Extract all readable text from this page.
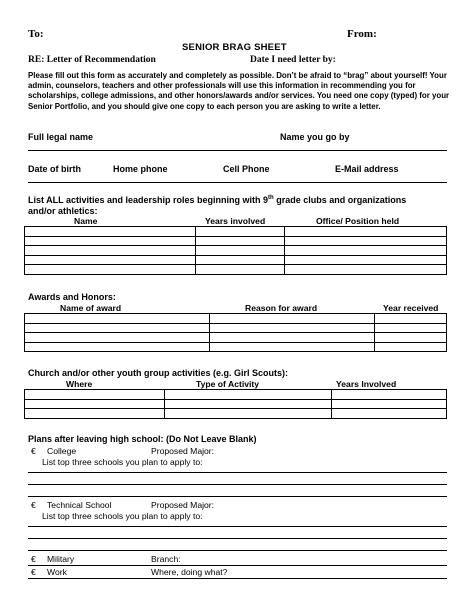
To:	From:
SENIOR BRAG SHEET
RE: Letter of Recommendation	Date I need letter by:
Please fill out this form as accurately and completely as possible. Don’t be afraid to “brag” about yourself! Your
admin, counselors, teachers and other professionals will use this information in recommending you for
scholarships, college admissions, and other honors/awards and/or services. You need one copy (typed) for your
Senior Portfolio, and you should give one copy to each person you are asking to write a letter.
Full legal name	Name you go by
Date of birth	Home phone	Cell Phone	E-Mail address
List ALL activities and leadership roles beginning with 9th grade clubs and organizations
and/or athletics:
Name	Years involved	Office/ Position held

Awards and Honors:
Name of award	Reason for award	Year received

Church and/or other youth group activities (e.g. Girl Scouts):
Where	Type of Activity	Years Involved

Plans after leaving high school: (Do Not Leave Blank)
€ College	Proposed Major:
List top three schools you plan to apply to:
€ Technical School	Proposed Major:
List top three schools you plan to apply to:
€ Military	Branch:
€ Work	Where, doing what?
